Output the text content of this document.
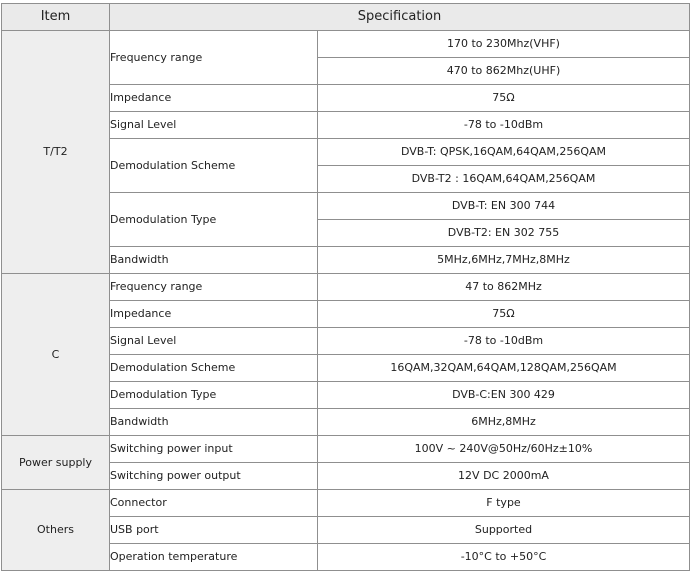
Item	Specification	
T/T2	Frequency range	170 to 230Mhz(VHF)
		470 to 862Mhz(UHF)
	Impedance	75Ω
	Signal Level	-78 to -10dBm
	Demodulation Scheme	DVB-T: QPSK,16QAM,64QAM,256QAM
		DVB-T2 : 16QAM,64QAM,256QAM
	Demodulation Type	DVB-T: EN 300 744
		DVB-T2: EN 302 755
	Bandwidth	5MHz,6MHz,7MHz,8MHz
C	Frequency range	47 to 862MHz
	Impedance	75Ω
	Signal Level	-78 to -10dBm
	Demodulation Scheme	16QAM,32QAM,64QAM,128QAM,256QAM
	Demodulation Type	DVB-C:EN 300 429
	Bandwidth	6MHz,8MHz
Power supply	Switching power input	100V ~ 240V@50Hz/60Hz±10%
	Switching power output	12V DC 2000mA
Others	Connector	F type
	USB port	Supported
	Operation temperature	-10°C to +50°C
